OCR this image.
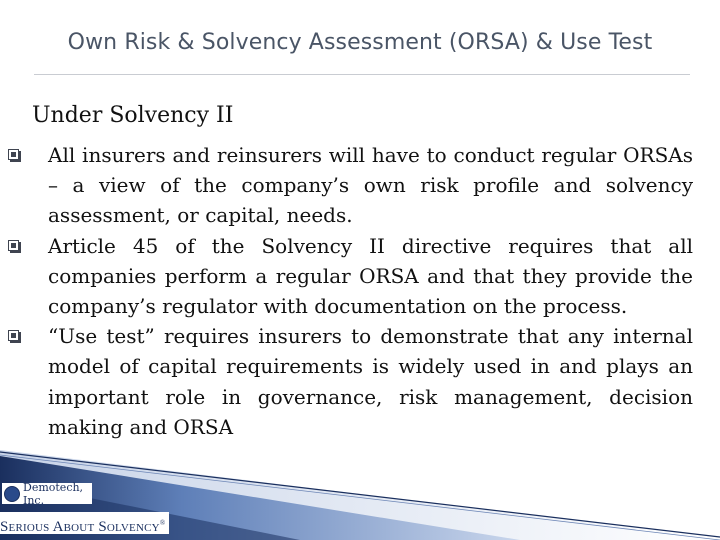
Own Risk & Solvency Assessment (ORSA) & Use Test
Under Solvency II
All insurers and reinsurers will have to conduct regular ORSAs – a view of the company’s own risk profile and solvency assessment, or capital, needs.
Article 45 of the Solvency II directive requires that all companies perform a regular ORSA and that they provide the company’s regulator with documentation on the process.
“Use test” requires insurers to demonstrate that any internal model of capital requirements is widely used in and plays an important role in governance, risk management, decision making and ORSA
Demotech, Inc.
Serious About Solvency®
